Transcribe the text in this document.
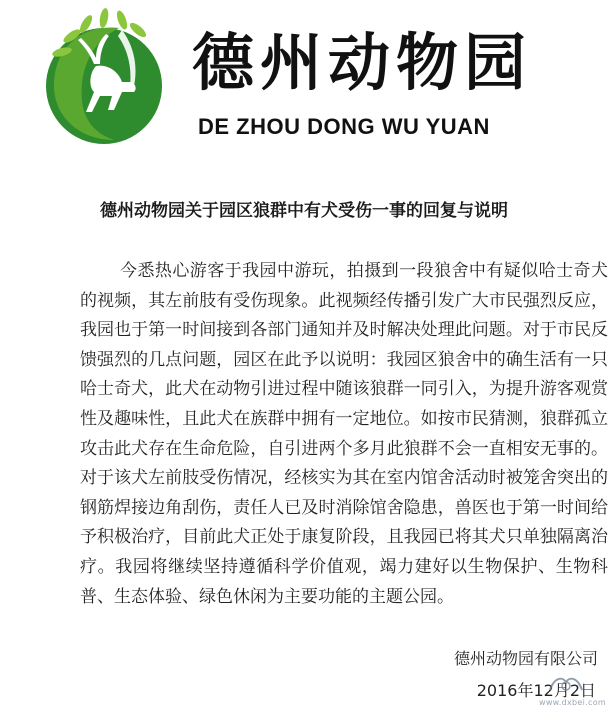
德州动物园
DE ZHOU DONG WU YUAN
德州动物园关于园区狼群中有犬受伤一事的回复与说明

今悉热心游客于我园中游玩，拍摄到一段狼舍中有疑似哈士奇犬的视频，其左前肢有受伤现象。此视频经传播引发广大市民强烈反应，我园也于第一时间接到各部门通知并及时解决处理此问题。对于市民反馈强烈的几点问题，园区在此予以说明：我园区狼舍中的确生活有一只哈士奇犬，此犬在动物引进过程中随该狼群一同引入，为提升游客观赏性及趣味性，且此犬在族群中拥有一定地位。如按市民猜测，狼群孤立攻击此犬存在生命危险，自引进两个多月此狼群不会一直相安无事的。对于该犬左前肢受伤情况，经核实为其在室内馆舍活动时被笼舍突出的钢筋焊接边角刮伤，责任人已及时消除馆舍隐患，兽医也于第一时间给予积极治疗，目前此犬正处于康复阶段，且我园已将其犬只单独隔离治疗。我园将继续坚持遵循科学价值观，竭力建好以生物保护、生物科普、生态体验、绿色休闲为主要功能的主题公园。

德州动物园有限公司
2016年12月2日
www.dxbei.com
